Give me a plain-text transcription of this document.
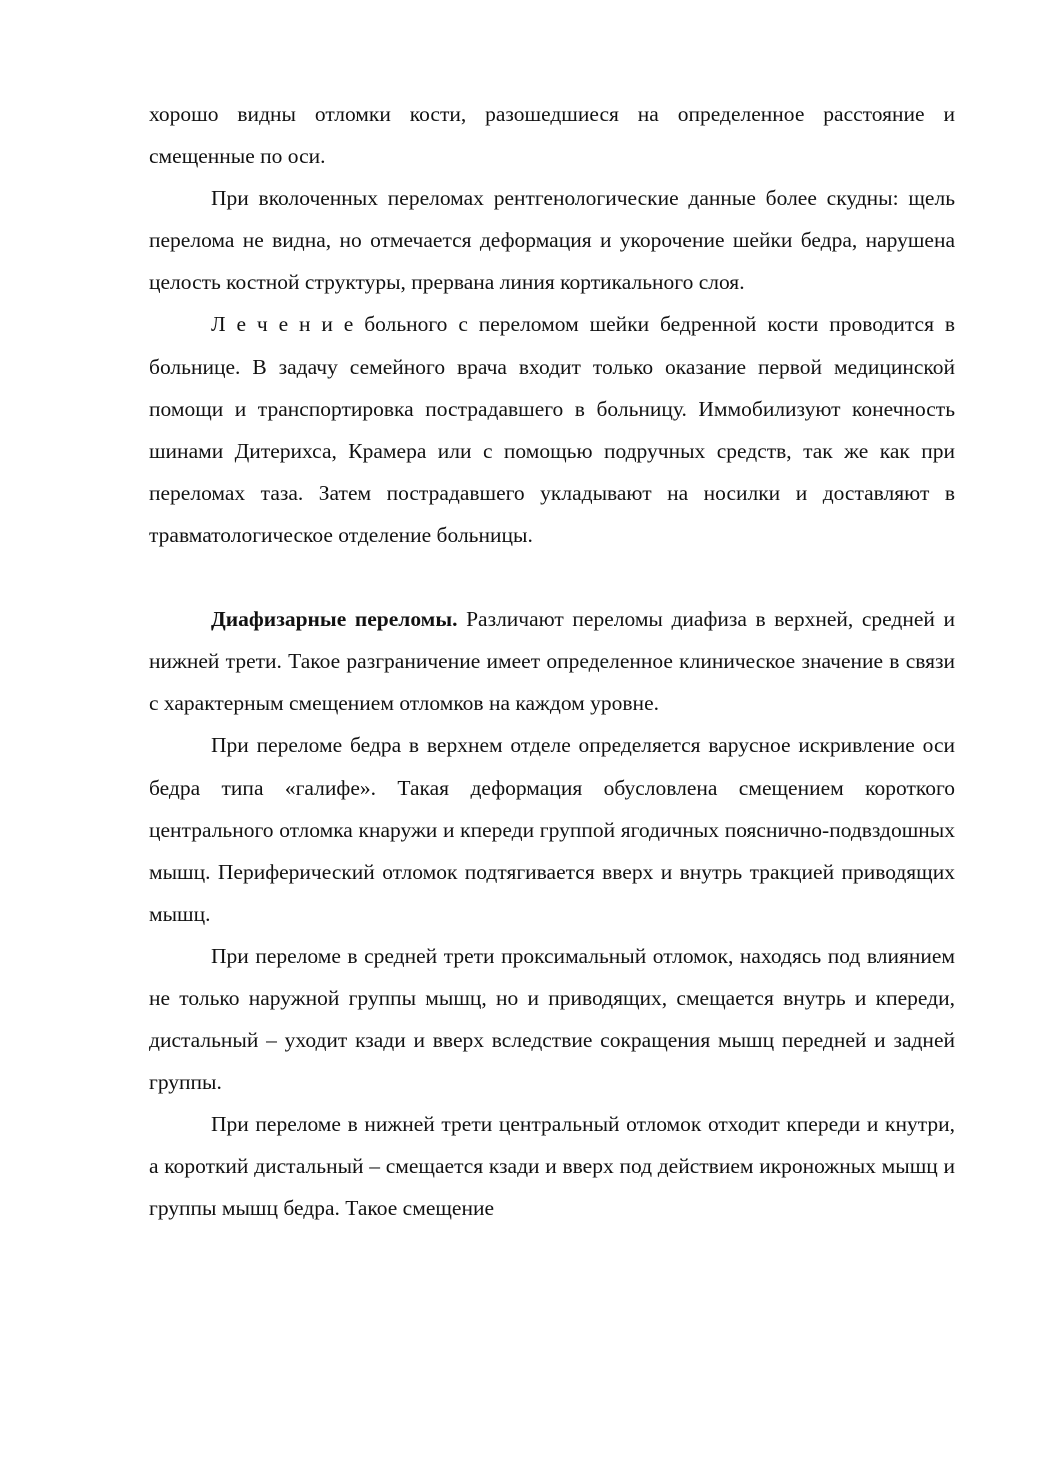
хорошо видны отломки кости, разошедшиеся на определенное расстояние и смещенные по оси.

При вколоченных переломах рентгенологические данные более скудны: щель перелома не видна, но отмечается деформация и укорочение шейки бедра, нарушена целость костной структуры, прервана линия кортикального слоя.

Л е ч е н и е больного с переломом шейки бедренной кости проводится в больнице. В задачу семейного врача входит только оказание первой медицинской помощи и транспортировка пострадавшего в больницу. Иммобилизуют конечность шинами Дитерихса, Крамера или с помощью подручных средств, так же как при переломах таза. Затем пострадавшего укладывают на носилки и доставляют в травматологическое отделение больницы.

Диафизарные переломы. Различают переломы диафиза в верхней, средней и нижней трети. Такое разграничение имеет определенное клиническое значение в связи с характерным смещением отломков на каждом уровне.

При переломе бедра в верхнем отделе определяется варусное искривление оси бедра типа «галифе». Такая деформация обусловлена смещением короткого центрального отломка кнаружи и кпереди группой ягодичных пояснично-подвздошных мышц. Периферический отломок подтягивается вверх и внутрь тракцией приводящих мышц.

При переломе в средней трети проксимальный отломок, находясь под влиянием не только наружной группы мышц, но и приводящих, смещается внутрь и кпереди, дистальный – уходит кзади и вверх вследствие сокращения мышц передней и задней группы.

При переломе в нижней трети центральный отломок отходит кпереди и кнутри, а короткий дистальный – смещается кзади и вверх под действием икроножных мышц и группы мышц бедра. Такое смещение
